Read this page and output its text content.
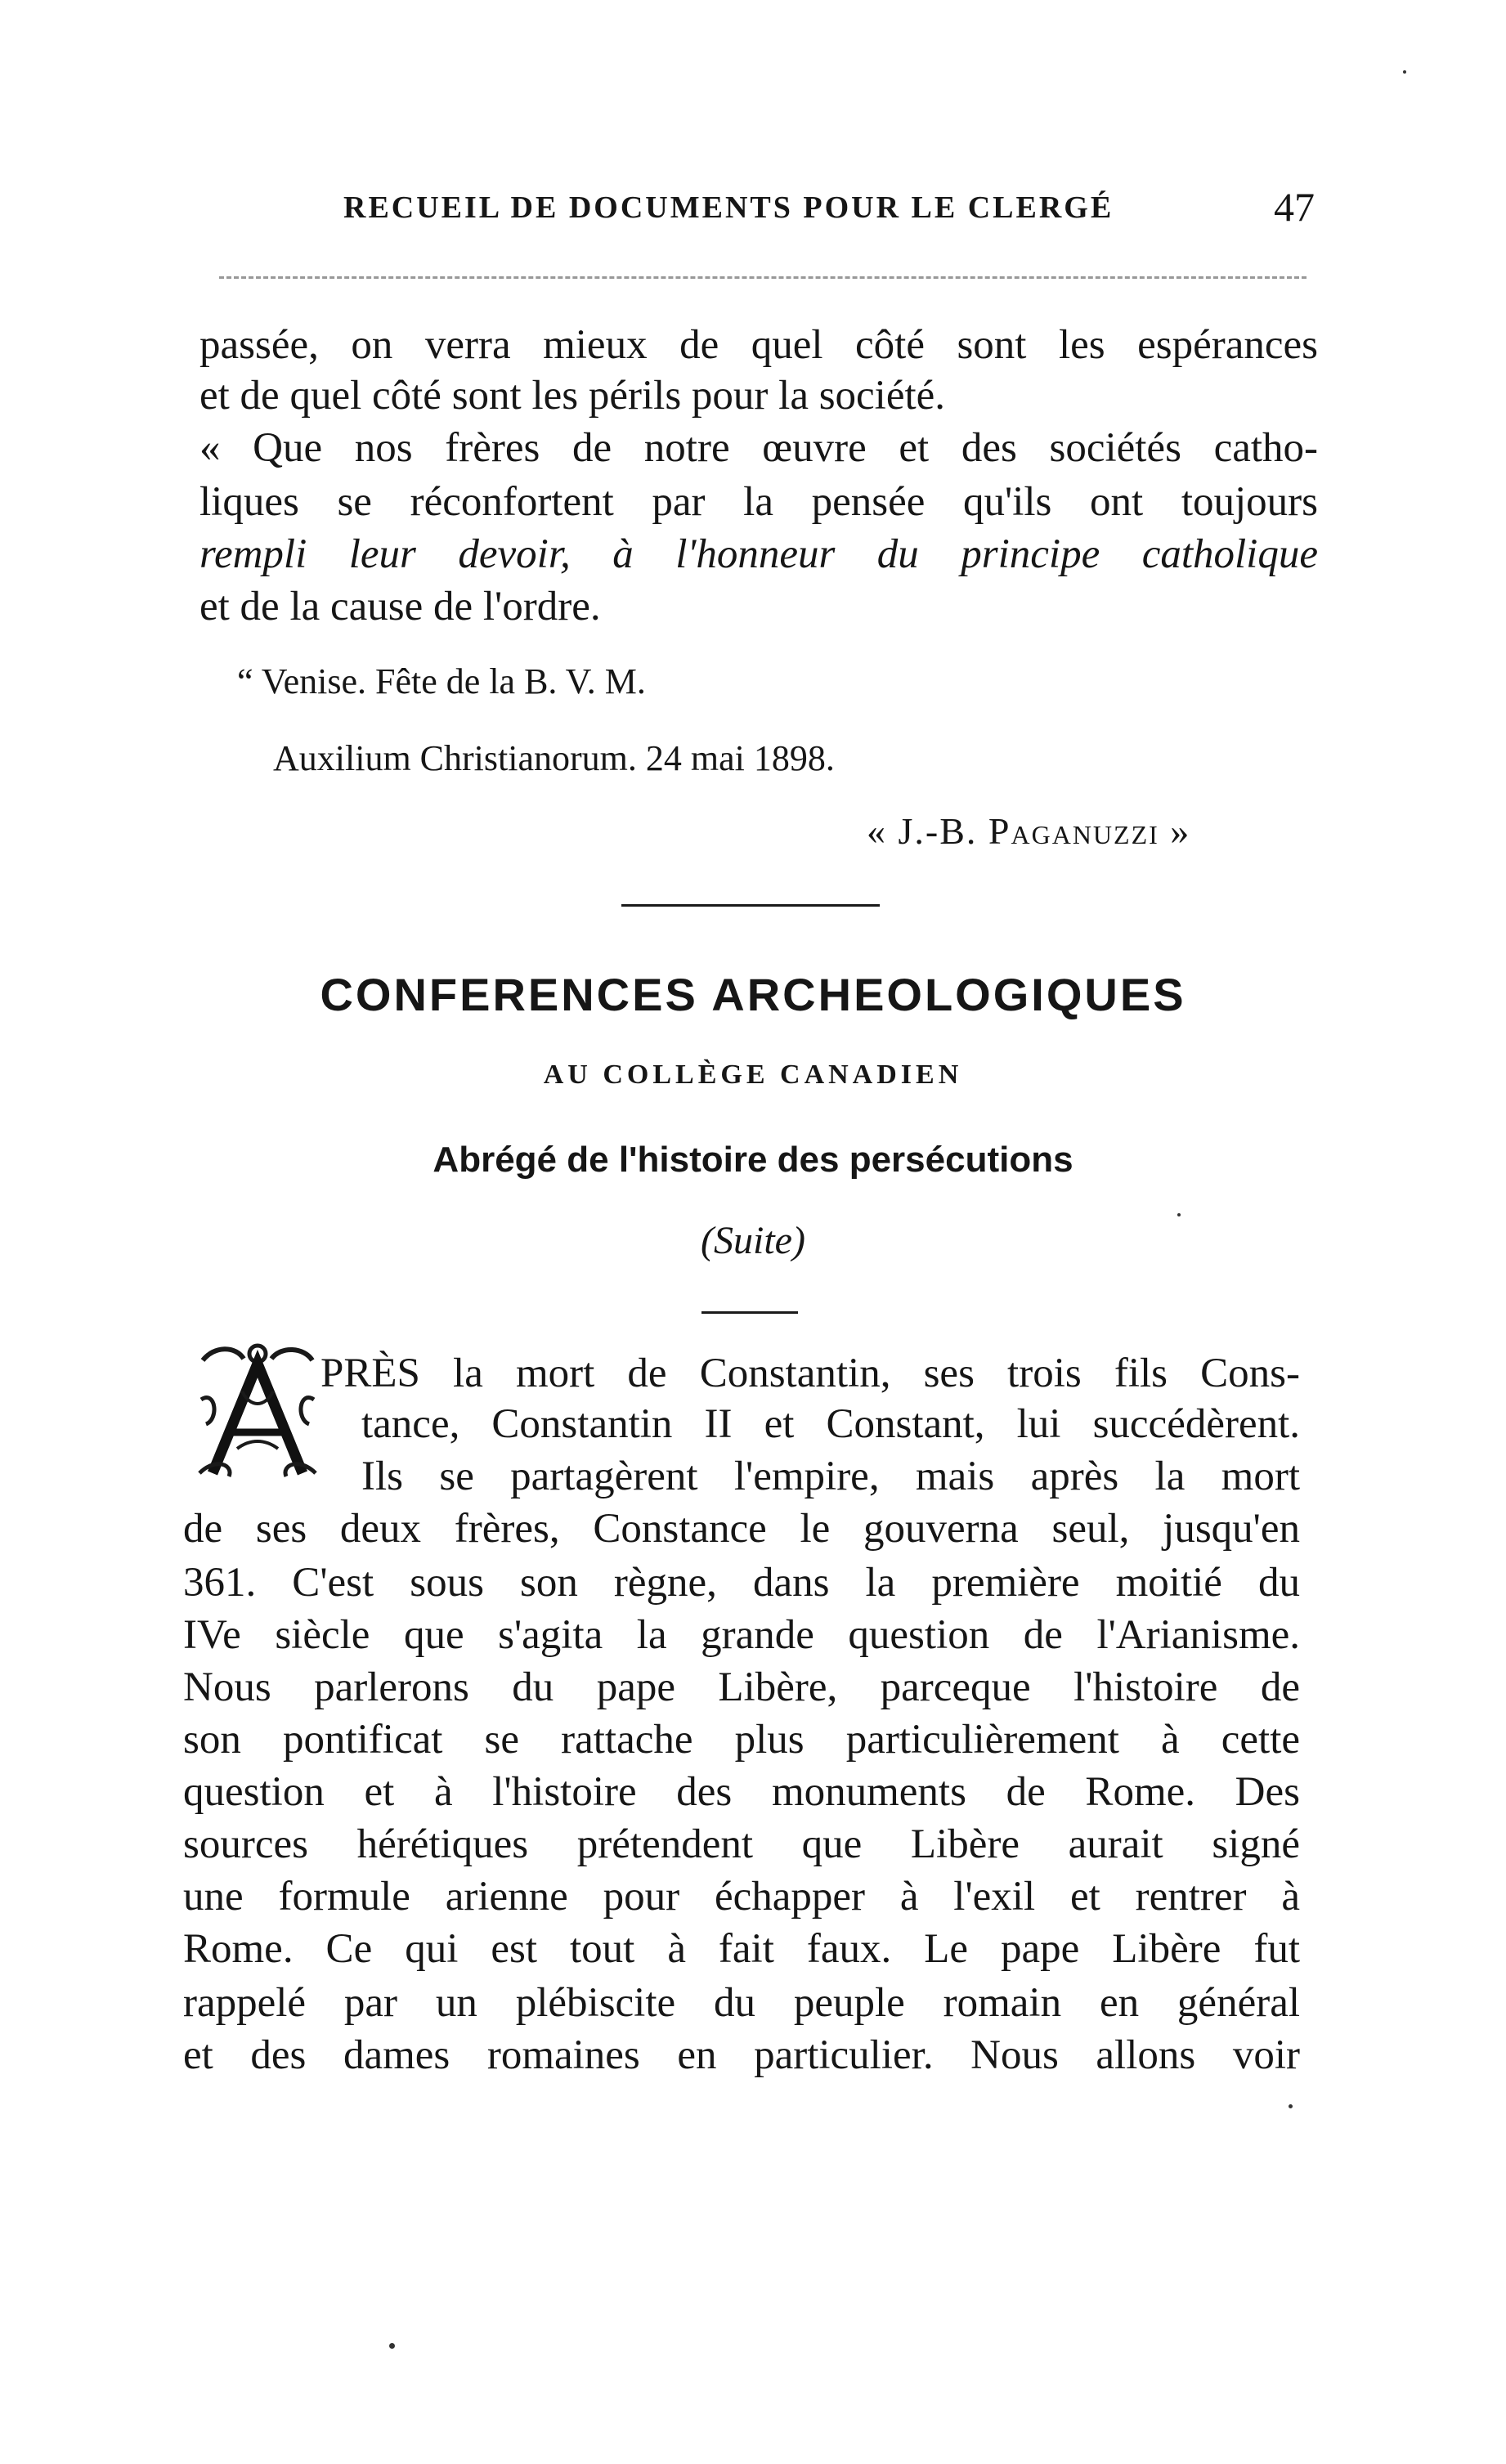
RECUEIL DE DOCUMENTS POUR LE CLERGÉ	47
passée, on verra mieux de quel côté sont les espérances
et de quel côté sont les périls pour la société.
« Que nos frères de notre œuvre et des sociétés catho-
liques se réconfortent par la pensée qu'ils ont toujours
rempli leur devoir, à l'honneur du principe catholique
et de la cause de l'ordre.
“ Venise. Fête de la B. V. M.
Auxilium Christianorum. 24 mai 1898.
« J.-B. Paganuzzi »
CONFERENCES ARCHEOLOGIQUES
AU COLLÈGE CANADIEN
Abrégé de l'histoire des persécutions
(Suite)
PRÈS la mort de Constantin, ses trois fils Cons-
tance, Constantin II et Constant, lui succédèrent.
Ils se partagèrent l'empire, mais après la mort
de ses deux frères, Constance le gouverna seul, jusqu'en
361. C'est sous son règne, dans la première moitié du
IVe siècle que s'agita la grande question de l'Arianisme.
Nous parlerons du pape Libère, parceque l'histoire de
son pontificat se rattache plus particulièrement à cette
question et à l'histoire des monuments de Rome. Des
sources hérétiques prétendent que Libère aurait signé
une formule arienne pour échapper à l'exil et rentrer à
Rome. Ce qui est tout à fait faux. Le pape Libère fut
rappelé par un plébiscite du peuple romain en général
et des dames romaines en particulier. Nous allons voir
